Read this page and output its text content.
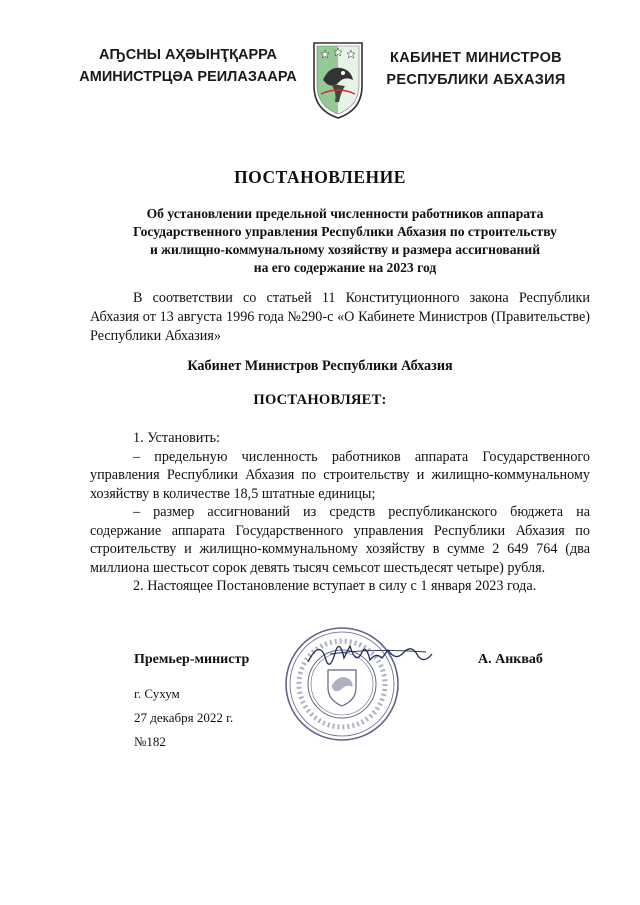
АҦСНЫ АҲӘЫНҬҚАРРА
АМИНИСТРЦӘА РЕИЛАЗААРА
КАБИНЕТ МИНИСТРОВ
РЕСПУБЛИКИ АБХАЗИЯ
ПОСТАНОВЛЕНИЕ
Об установлении предельной численности работников аппарата
Государственного управления Республики Абхазия по строительству
и жилищно-коммунальному хозяйству и размера ассигнований
на его содержание на 2023 год
В соответствии со статьей 11 Конституционного закона Республики Абхазия от 13 августа 1996 года №290-с «О Кабинете Министров (Правительстве) Республики Абхазия»
Кабинет Министров Республики Абхазия
ПОСТАНОВЛЯЕТ:

1. Установить:

– предельную численность работников аппарата Государственного управления Республики Абхазия по строительству и жилищно-коммунальному хозяйству в количестве 18,5 штатные единицы;

– размер ассигнований из средств республиканского бюджета на содержание аппарата Государственного управления Республики Абхазия по строительству и жилищно-коммунальному хозяйству в сумме 2 649 764 (два миллиона шестьсот сорок девять тысяч семьсот шестьдесят четыре) рубля.

2. Настоящее Постановление вступает в силу с 1 января 2023 года.

Премьер-министр	А. Анкваб
г. Сухум
27 декабря 2022 г.
№182
